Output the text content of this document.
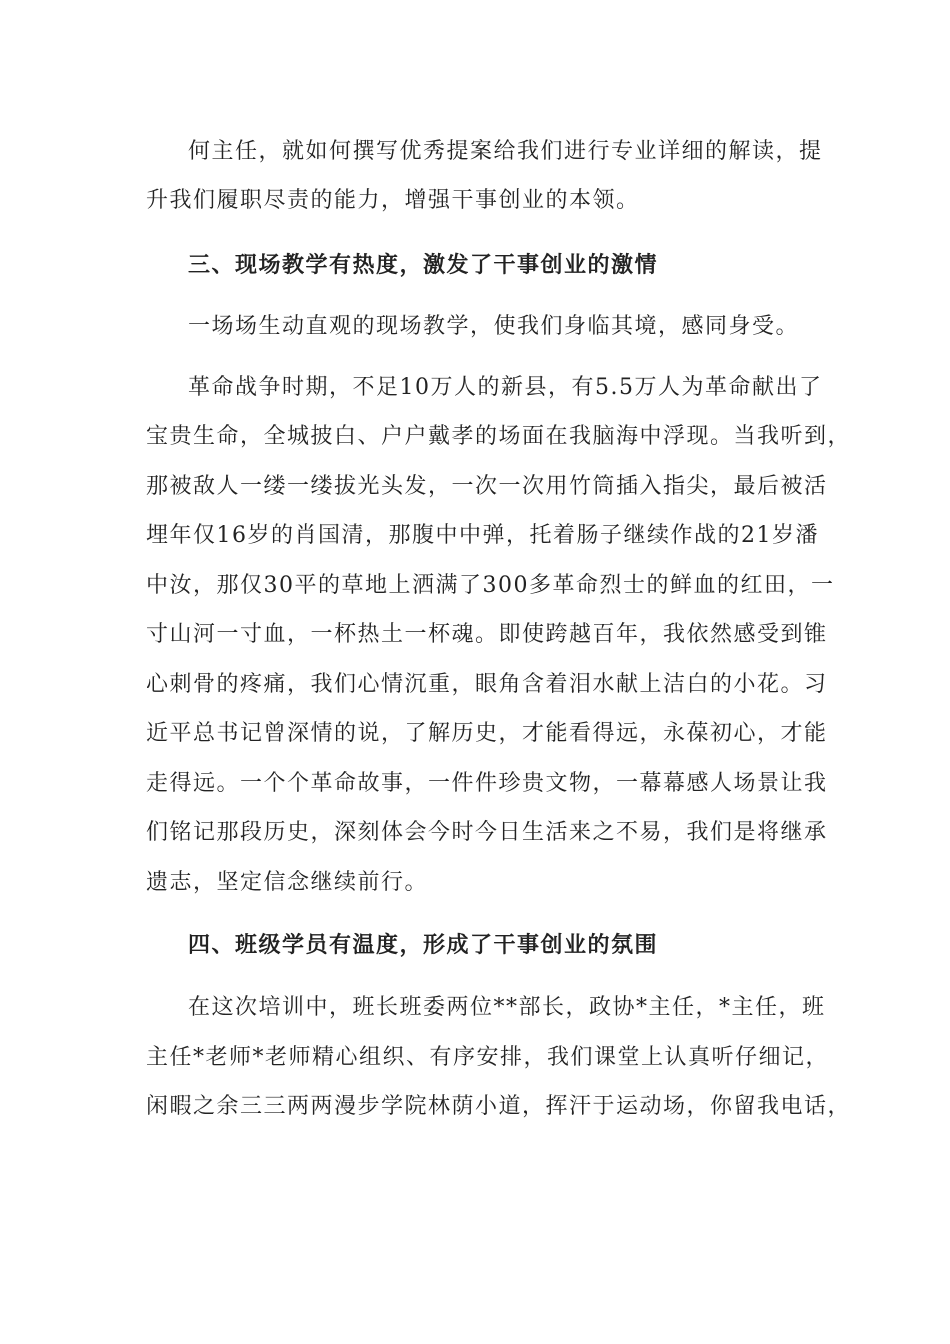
何主任，就如何撰写优秀提案给我们进行专业详细的解读，提
升我们履职尽责的能力，增强干事创业的本领。
三、现场教学有热度，激发了干事创业的激情
一场场生动直观的现场教学，使我们身临其境，感同身受。
革命战争时期，不足10万人的新县，有5.5万人为革命献出了
宝贵生命，全城披白、户户戴孝的场面在我脑海中浮现。当我听到，
那被敌人一缕一缕拔光头发，一次一次用竹筒插入指尖，最后被活
埋年仅16岁的肖国清，那腹中中弹，托着肠子继续作战的21岁潘
中汝，那仅30平的草地上洒满了300多革命烈士的鲜血的红田，一
寸山河一寸血，一杯热土一杯魂。即使跨越百年，我依然感受到锥
心刺骨的疼痛，我们心情沉重，眼角含着泪水献上洁白的小花。习
近平总书记曾深情的说，了解历史，才能看得远，永葆初心，才能
走得远。一个个革命故事，一件件珍贵文物，一幕幕感人场景让我
们铭记那段历史，深刻体会今时今日生活来之不易，我们是将继承
遗志，坚定信念继续前行。
四、班级学员有温度，形成了干事创业的氛围
在这次培训中，班长班委两位**部长，政协*主任，*主任，班
主任*老师*老师精心组织、有序安排，我们课堂上认真听仔细记，
闲暇之余三三两两漫步学院林荫小道，挥汗于运动场，你留我电话，
